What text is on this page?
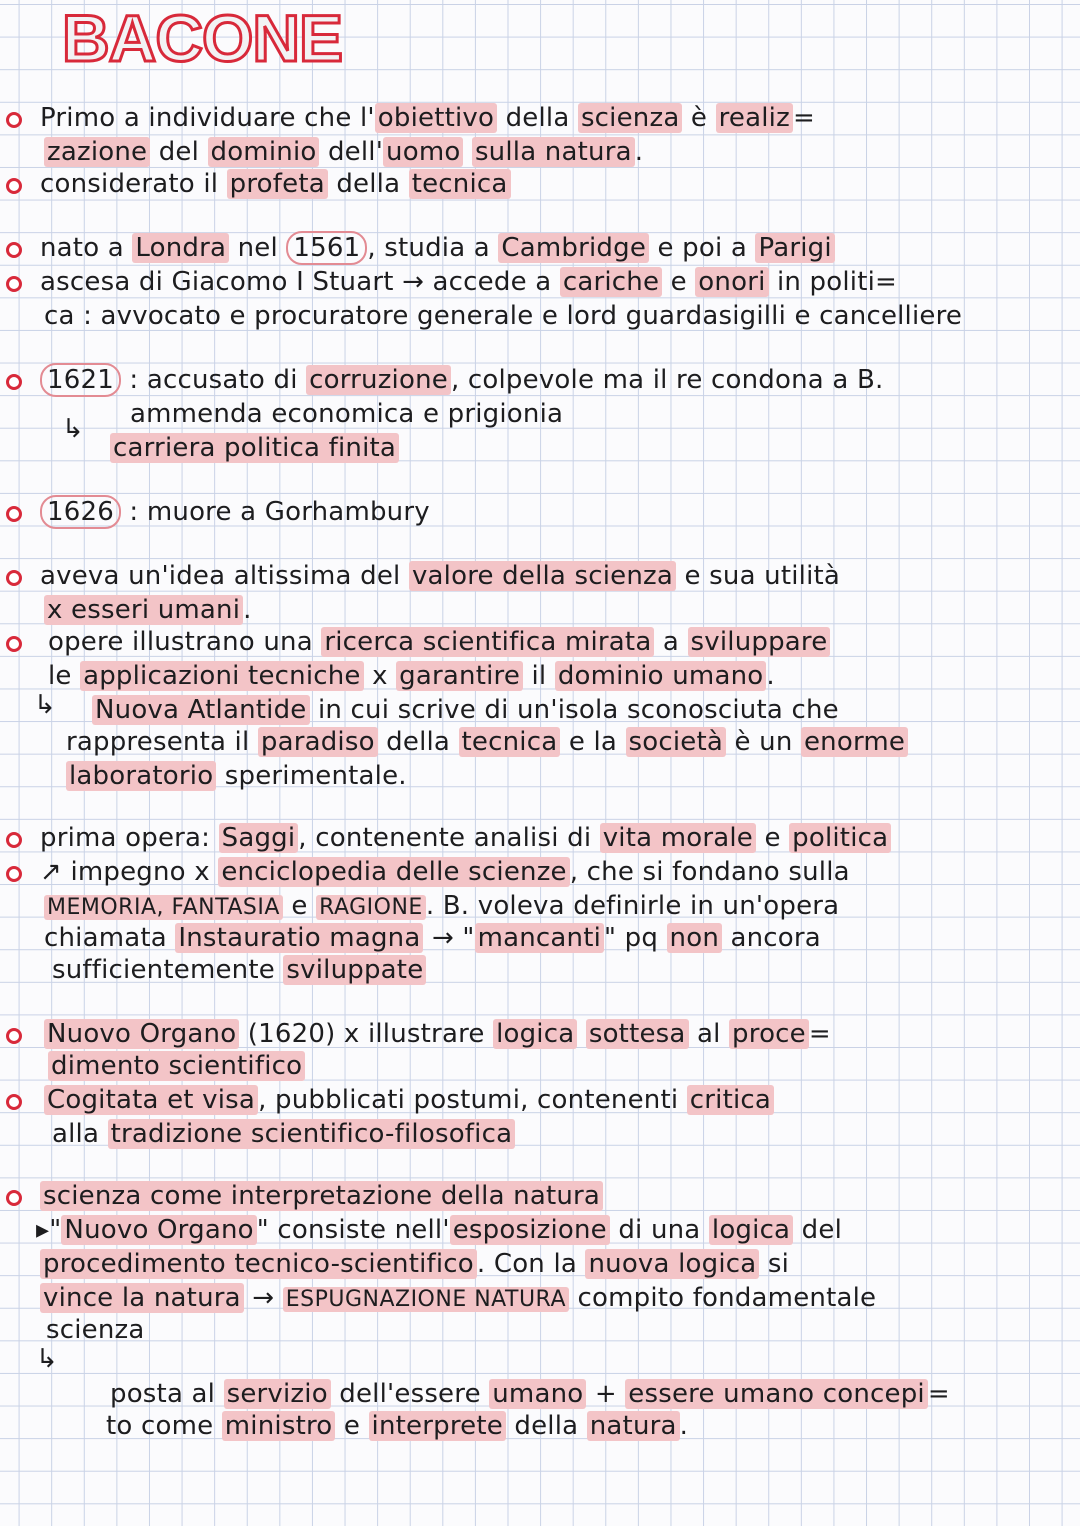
BACONE
Primo a individuare che l' obiettivo della scienza è realiz =
zazione del dominio dell' uomo sulla natura .
considerato il profeta della tecnica
nato a Londra nel 1561 , studia a Cambridge e poi a Parigi
ascesa di Giacomo I Stuart → accede a cariche e onori in politi=
ca : avvocato e procuratore generale e lord guardasigilli e cancelliere
1621 : accusato di corruzione , colpevole ma il re condona a B.
ammenda economica e prigionia
carriera politica finita
1626 : muore a Gorhambury
aveva un'idea altissima del valore della scienza e sua utilità
x esseri umani .
opere illustrano una ricerca scientifica mirata a sviluppare
le applicazioni tecniche x garantire il dominio umano .
Nuova Atlantide in cui scrive di un'isola sconosciuta che
rappresenta il paradiso della tecnica e la società è un enorme
laboratorio sperimentale.
prima opera: Saggi , contenente analisi di vita morale e politica
↗ impegno x enciclopedia delle scienze , che si fondano sulla
MEMORIA, FANTASIA e RAGIONE . B. voleva definirle in un'opera
chiamata Instauratio magna → " mancanti " pq non ancora
sufficientemente sviluppate
Nuovo Organo (1620) x illustrare logica sottesa al proce =
dimento scientifico
Cogitata et visa , pubblicati postumi, contenenti critica
alla tradizione scientifico-filosofica
scienza come interpretazione della natura
▸" Nuovo Organo " consiste nell' esposizione di una logica del
procedimento tecnico-scientifico . Con la nuova logica si
vince la natura → ESPUGNAZIONE NATURA compito fondamentale
scienza
posta al servizio dell'essere umano + essere umano concepi =
to come ministro e interprete della natura .
↳
↳
↳
